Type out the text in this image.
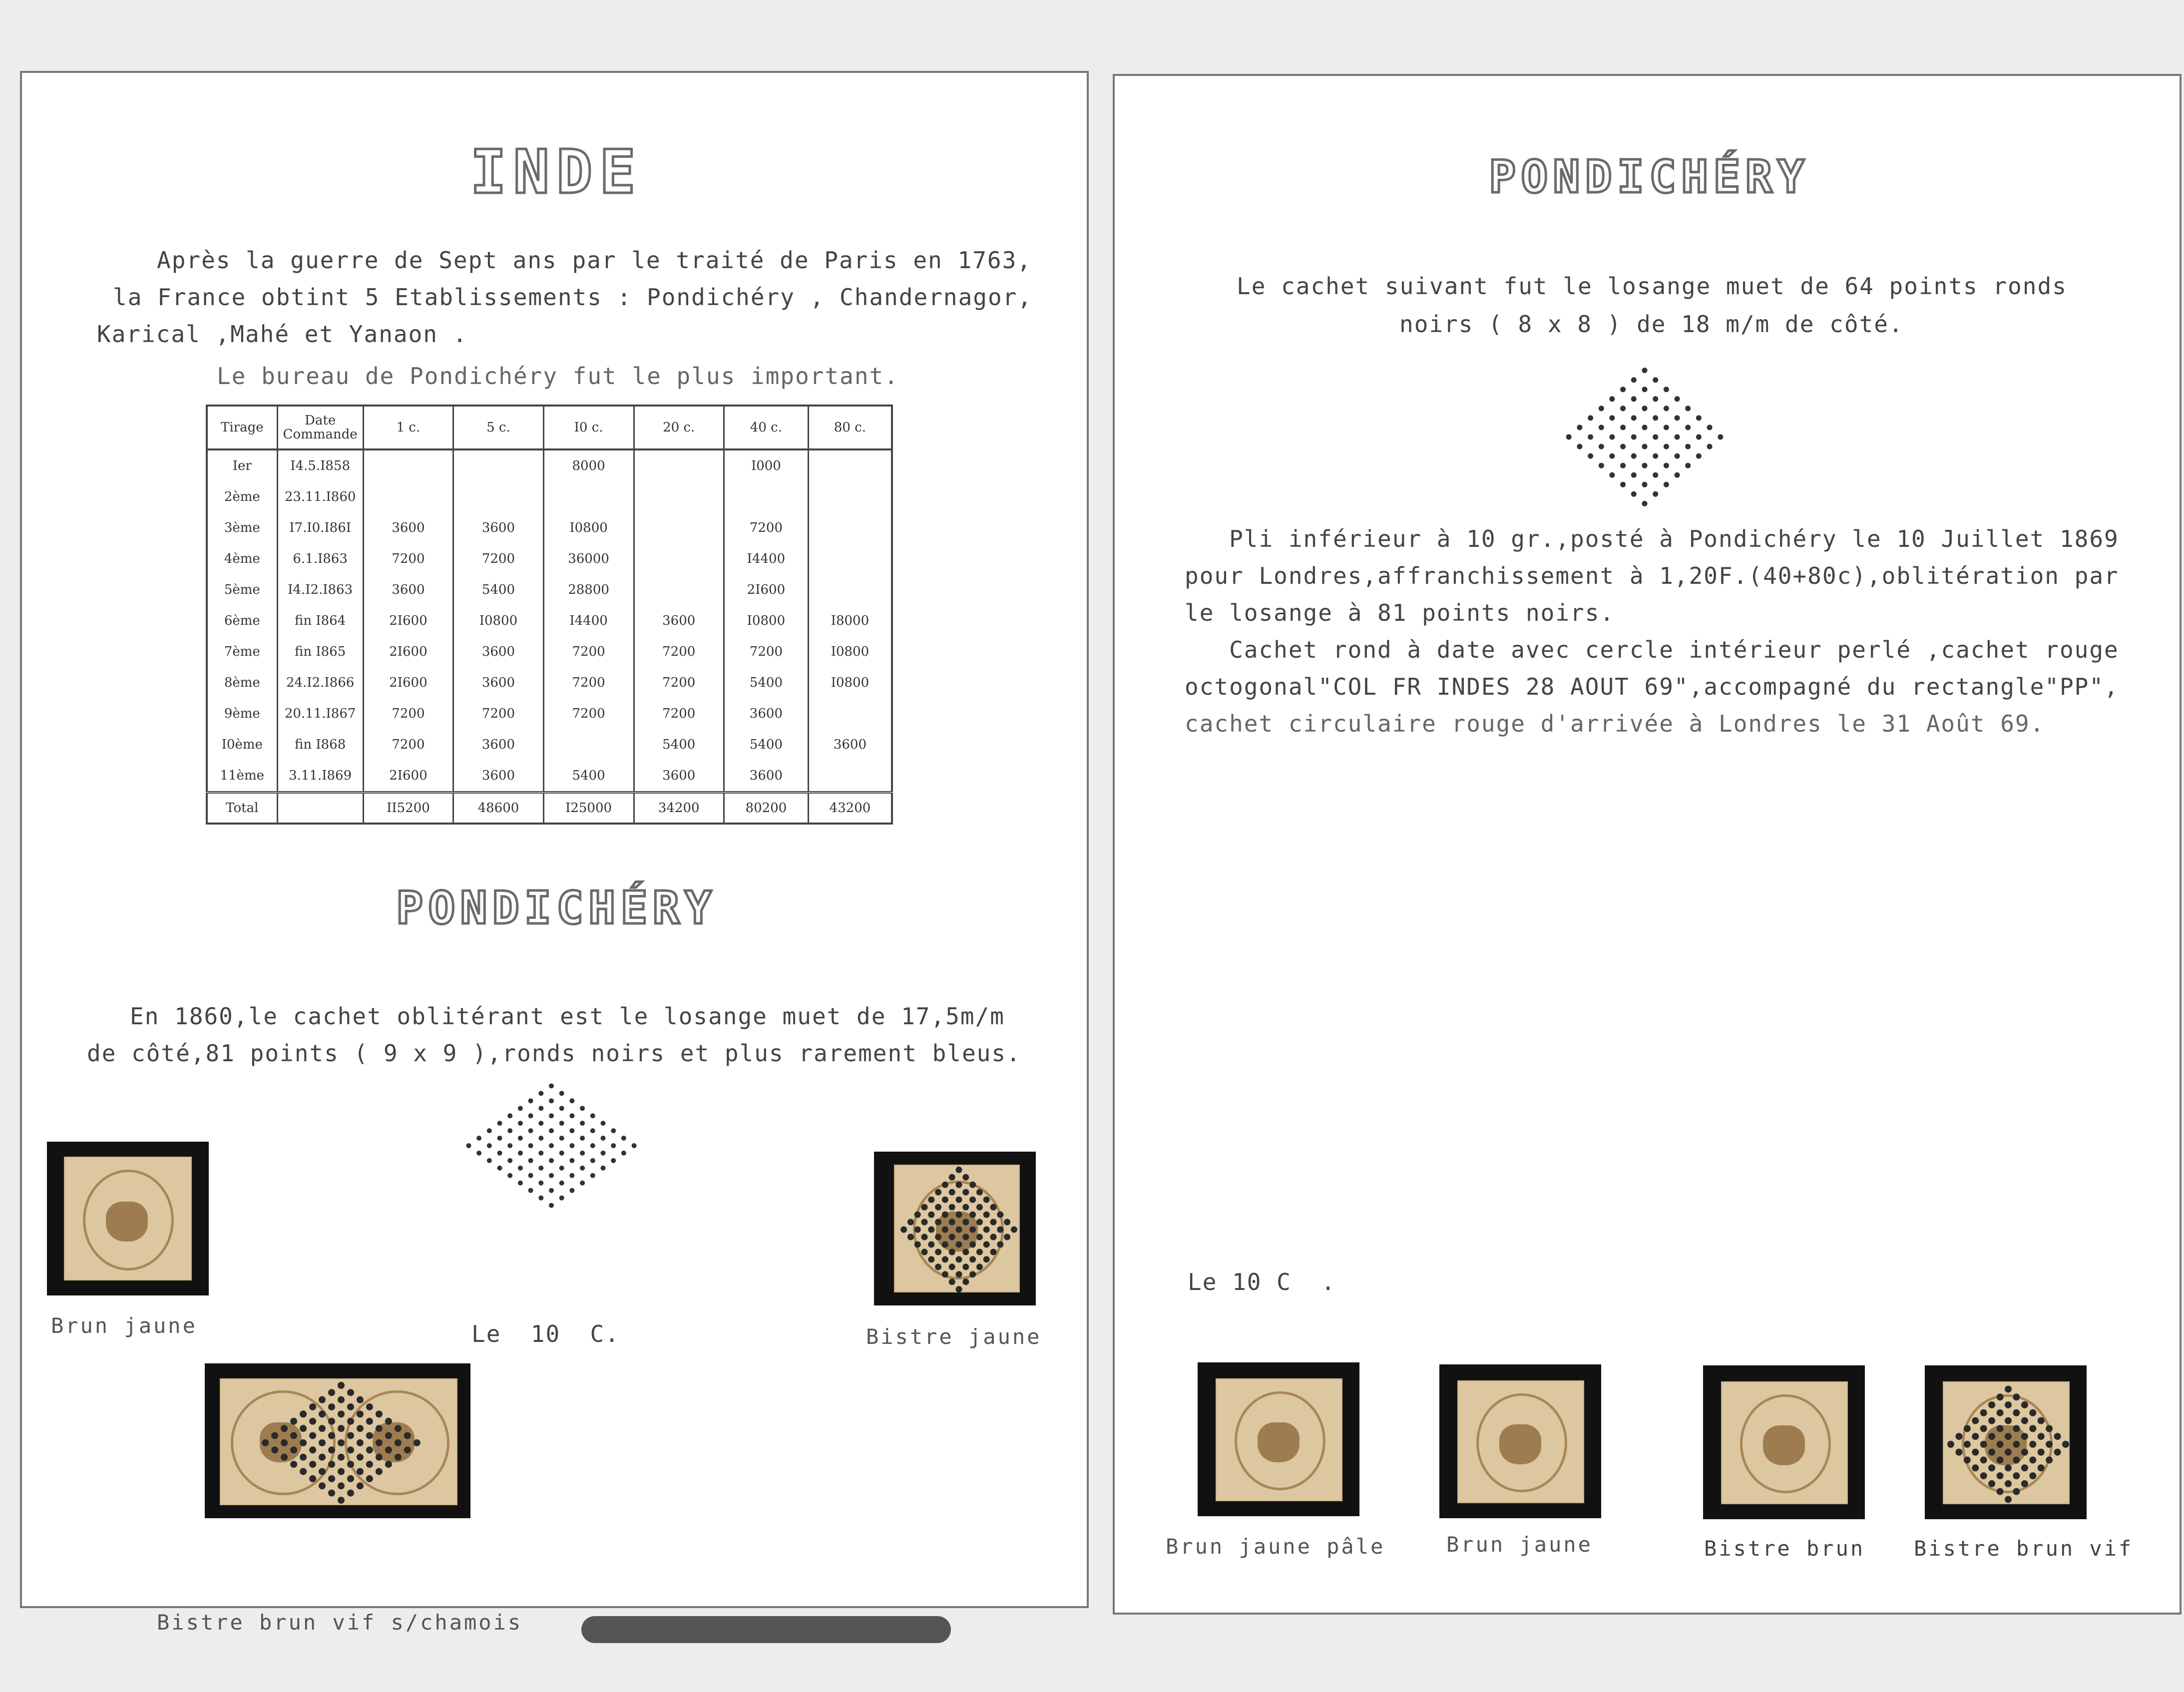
INDE
Après la guerre de Sept ans par le traité de Paris en 1763,
la France obtint 5 Etablissements : Pondichéry , Chandernagor,
Karical ,Mahé et Yanaon .
Le bureau de Pondichéry fut le plus important.
Tirage	Date Commande	1 c.	5 c.	I0 c.	20 c.	40 c.	80 c.
Ier	I4.5.I858			8000		I000	
2ème	23.11.I860						
3ème	I7.I0.I86I	3600	3600	I0800		7200	
4ème	6.1.I863	7200	7200	36000		I4400	
5ème	I4.I2.I863	3600	5400	28800		2I600	
6ème	fin I864	2I600	I0800	I4400	3600	I0800	I8000
7ème	fin I865	2I600	3600	7200	7200	7200	I0800
8ème	24.I2.I866	2I600	3600	7200	7200	5400	I0800
9ème	20.11.I867	7200	7200	7200	7200	3600	
I0ème	fin I868	7200	3600		5400	5400	3600
11ème	3.11.I869	2I600	3600	5400	3600	3600	
Total		II5200	48600	I25000	34200	80200	43200
PONDICHÉRY
En 1860,le cachet oblitérant est le losange muet de 17,5m/m
de côté,81 points ( 9 x 9 ),ronds noirs et plus rarement bleus.
Le  10  C.
Brun jaune	Bistre jaune
Bistre brun vif s/chamois
PONDICHÉRY
Le cachet suivant fut le losange muet de 64 points ronds
noirs ( 8 x 8 ) de 18 m/m de côté.
Pli inférieur à 10 gr.,posté à Pondichéry le 10 Juillet 1869
pour Londres,affranchissement à 1,20F.(40+80c),oblitération par
le losange à 81 points noirs.
Cachet rond à date avec cercle intérieur perlé ,cachet rouge
octogonal"COL FR INDES 28 AOUT 69",accompagné du rectangle"PP",
cachet circulaire rouge d'arrivée à Londres le 31 Août 69.
Le 10 C  .
Brun jaune pâle	Brun jaune	Bistre brun Bistre brun vif
